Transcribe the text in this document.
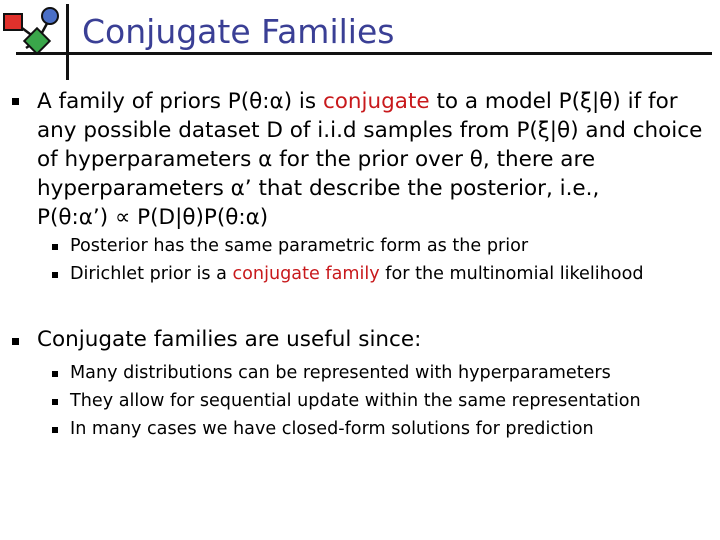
Conjugate Families
A family of priors P(θ:α) is conjugate to a model P(ξ|θ) if for
any possible dataset D of i.i.d samples from P(ξ|θ) and choice
of hyperparameters α for the prior over θ, there are
hyperparameters α’ that describe the posterior, i.e.,
P(θ:α’) ∝ P(D|θ)P(θ:α)
Posterior has the same parametric form as the prior
Dirichlet prior is a conjugate family for the multinomial likelihood
Conjugate families are useful since:
Many distributions can be represented with hyperparameters
They allow for sequential update within the same representation
In many cases we have closed-form solutions for prediction
